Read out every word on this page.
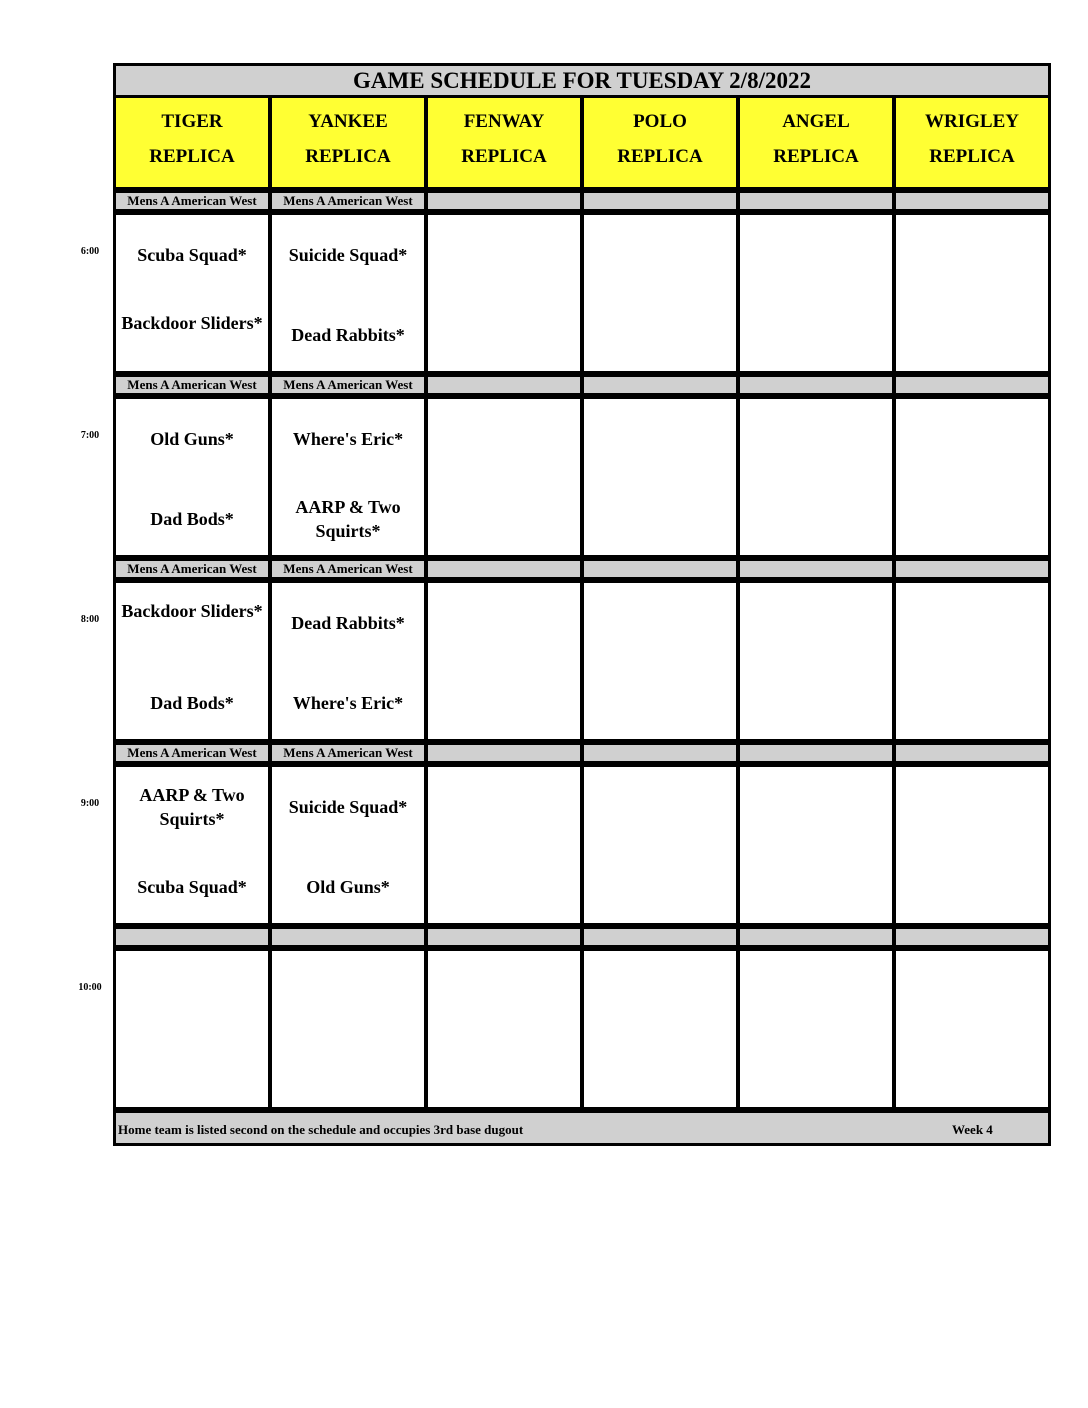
GAME SCHEDULE FOR TUESDAY 2/8/2022
TIGER
REPLICA
YANKEE
REPLICA
FENWAY
REPLICA
POLO
REPLICA
ANGEL
REPLICA
WRIGLEY
REPLICA
6:00
Mens A American West
Scuba Squad*
Backdoor Sliders*
Mens A American West
Suicide Squad*
Dead Rabbits*
7:00
Mens A American West
Old Guns*
Dad Bods*
Mens A American West
Where's Eric*
AARP & Two Squirts*
8:00
Mens A American West
Backdoor Sliders*
Dad Bods*
Mens A American West
Dead Rabbits*
Where's Eric*
9:00
Mens A American West
AARP & Two Squirts*
Scuba Squad*
Mens A American West
Suicide Squad*
Old Guns*
10:00
Home team is listed second on the schedule and occupies 3rd base dugout	Week 4
